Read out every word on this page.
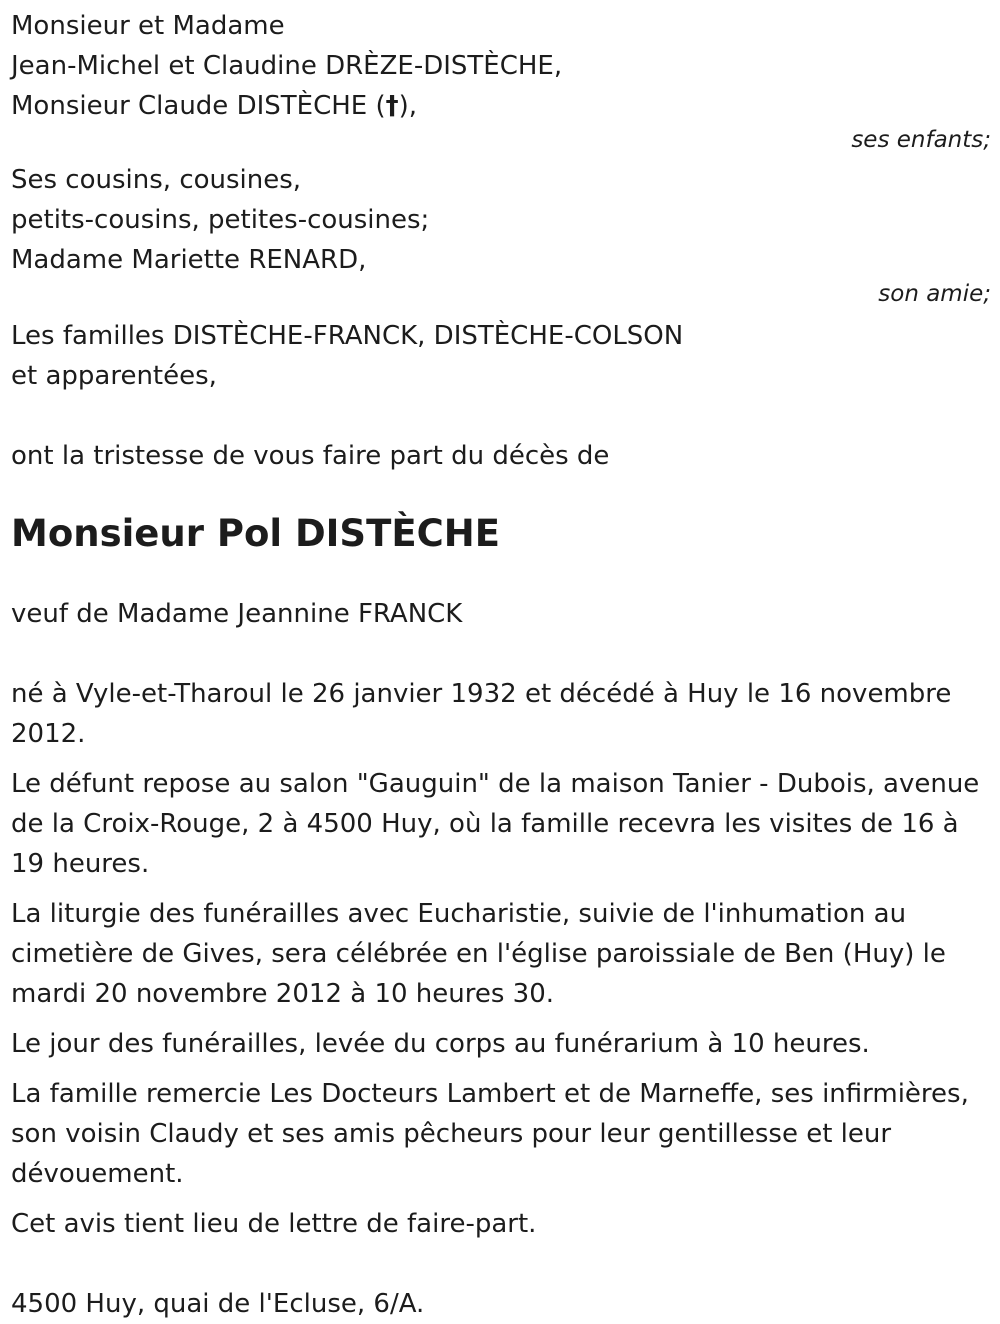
Monsieur et Madame

Jean-Michel et Claudine DRÈZE-DISTÈCHE,

Monsieur Claude DISTÈCHE (†),

ses enfants;

Ses cousins, cousines,

petits-cousins, petites-cousines;

Madame Mariette RENARD,

son amie;

Les familles DISTÈCHE-FRANCK, DISTÈCHE-COLSON

et apparentées,

ont la tristesse de vous faire part du décès de

Monsieur Pol DISTÈCHE

veuf de Madame Jeannine FRANCK

né à Vyle-et-Tharoul le 26 janvier 1932 et décédé à Huy le 16 novembre 2012.

Le défunt repose au salon "Gauguin" de la maison Tanier - Dubois, avenue de la Croix-Rouge, 2 à 4500 Huy, où la famille recevra les visites de 16 à 19 heures.

La liturgie des funérailles avec Eucharistie, suivie de l'inhumation au cimetière de Gives, sera célébrée en l'église paroissiale de Ben (Huy) le mardi 20 novembre 2012 à 10 heures 30.

Le jour des funérailles, levée du corps au funérarium à 10 heures.

La famille remercie Les Docteurs Lambert et de Marneffe, ses infirmières, son voisin Claudy et ses amis pêcheurs pour leur gentillesse et leur dévouement.

Cet avis tient lieu de lettre de faire-part.

4500 Huy, quai de l'Ecluse, 6/A.
